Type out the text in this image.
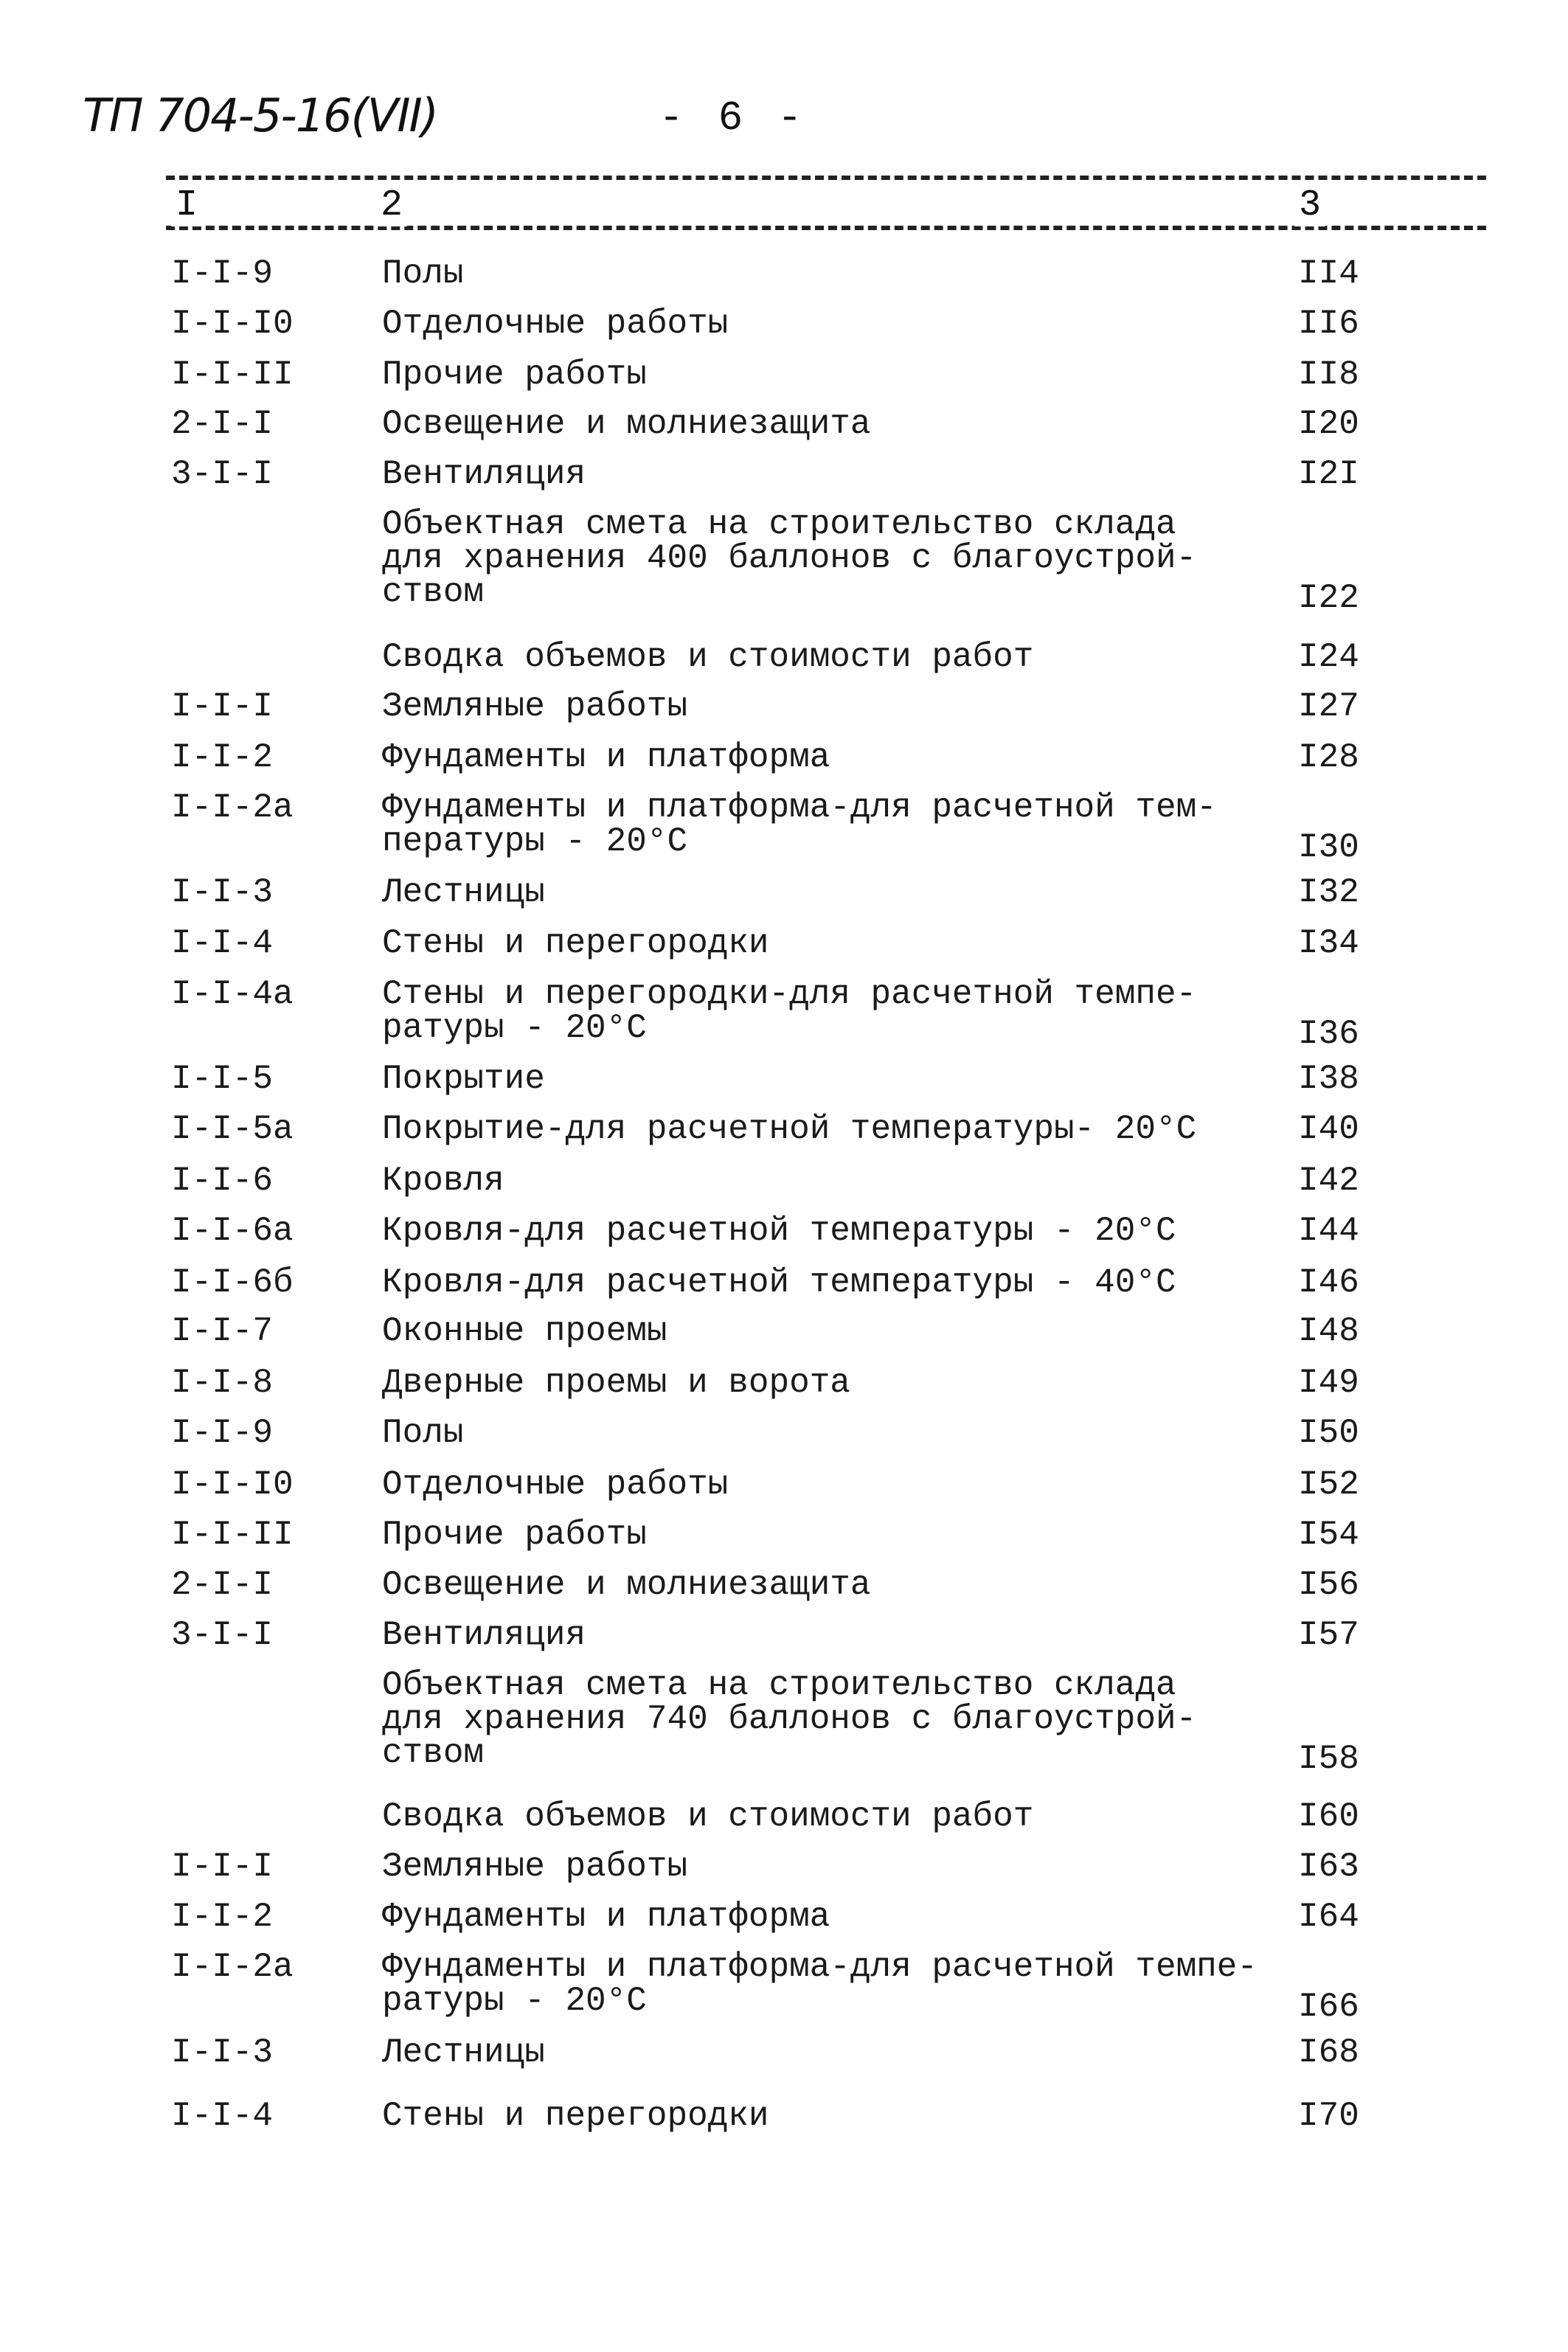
ТП 704-5-16(VII)	- 6 -
I	2	3
I-I-9	Полы	II4
I-I-I0	Отделочные работы	II6
I-I-II	Прочие работы	II8
2-I-I	Освещение и молниезащита	I20
3-I-I	Вентиляция	I2I
Объектная смета на строительство склада
для хранения 400 баллонов с благоустрой-
ством	I22
Сводка объемов и стоимости работ	I24
I-I-I	Земляные работы	I27
I-I-2	Фундаменты и платформа	I28
I-I-2a	Фундаменты и платформа-для расчетной тем-
пературы - 20°С	I30
I-I-3	Лестницы	I32
I-I-4	Стены и перегородки	I34
I-I-4a	Стены и перегородки-для расчетной темпе-
ратуры - 20°С	I36
I-I-5	Покрытие	I38
I-I-5a	Покрытие-для расчетной температуры- 20°С	I40
I-I-6	Кровля	I42
I-I-6a	Кровля-для расчетной температуры - 20°С	I44
I-I-6б	Кровля-для расчетной температуры - 40°С	I46
I-I-7	Оконные проемы	I48
I-I-8	Дверные проемы и ворота	I49
I-I-9	Полы	I50
I-I-I0	Отделочные работы	I52
I-I-II	Прочие работы	I54
2-I-I	Освещение и молниезащита	I56
3-I-I	Вентиляция	I57
Объектная смета на строительство склада
для хранения 740 баллонов с благоустрой-
ством	I58
Сводка объемов и стоимости работ	I60
I-I-I	Земляные работы	I63
I-I-2	Фундаменты и платформа	I64
I-I-2a	Фундаменты и платформа-для расчетной темпе-
ратуры - 20°С	I66
I-I-3	Лестницы	I68
I-I-4	Стены и перегородки	I70
